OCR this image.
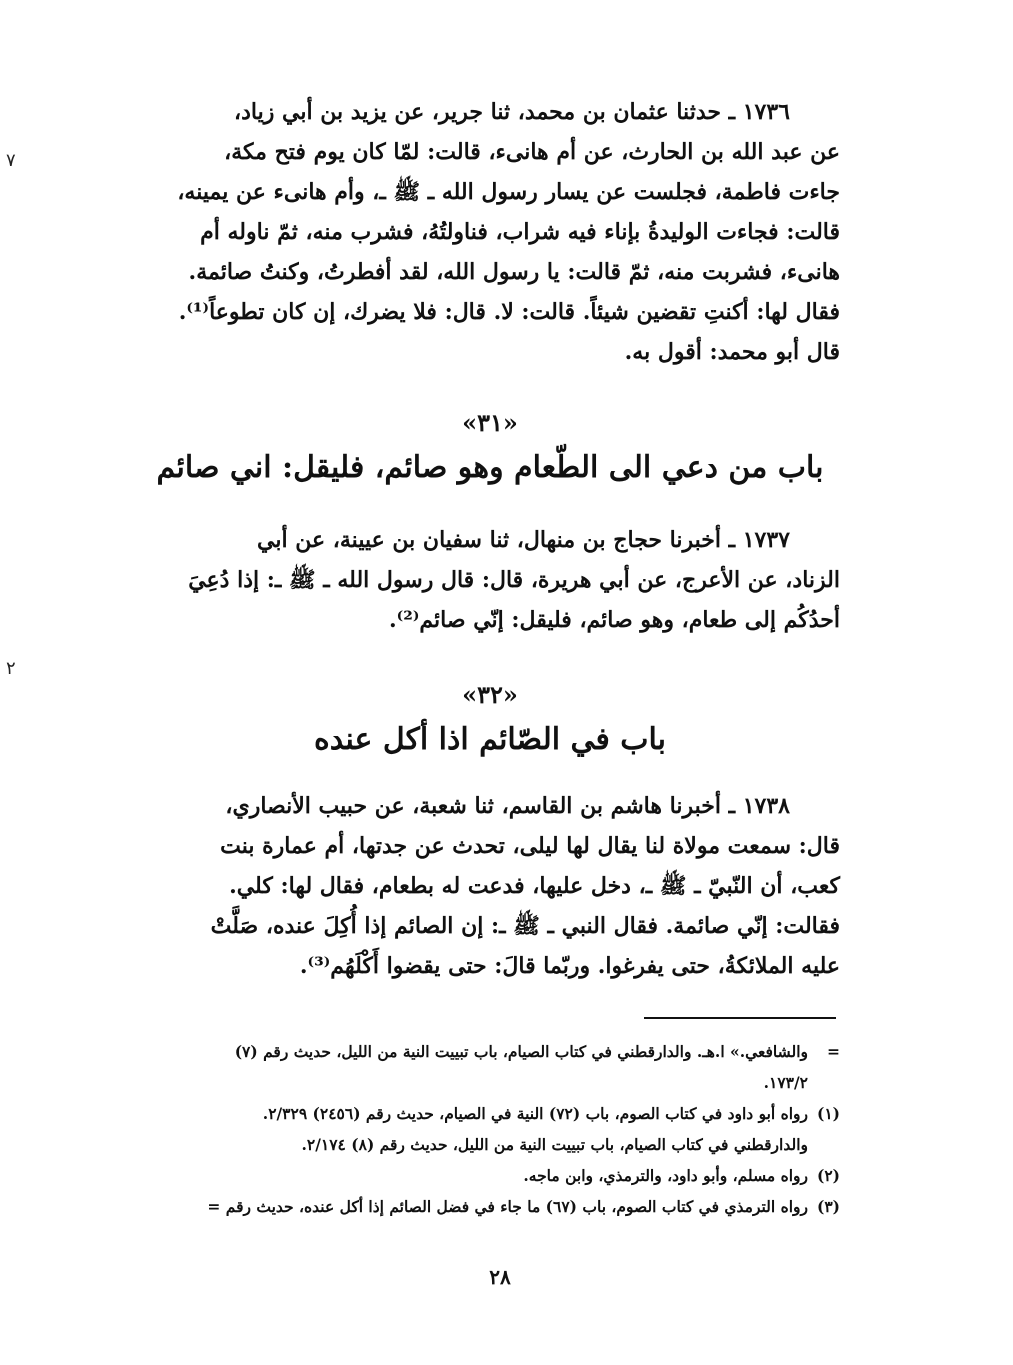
٧
٢

١٧٣٦ ـ حدثنا عثمان بن محمد، ثنا جرير، عن يزيد بن أبي زياد،

عن عبد الله بن الحارث، عن أم هانىء، قالت: لمّا كان يوم فتح مكة،

جاءت فاطمة، فجلست عن يسار رسول الله ـ ﷺ ـ، وأم هانىء عن يمينه،

قالت: فجاءت الوليدةُ بإناء فيه شراب، فناولتُهُ، فشرب منه، ثمّ ناوله أم

هانىء، فشربت منه، ثمّ قالت: يا رسول الله، لقد أفطرتُ، وكنتُ صائمة.

فقال لها: أكنتِ تقضين شيئاً. قالت: لا. قال: فلا يضرك، إن كان تطوعاً⁽¹⁾.

قال أبو محمد: أقول به.

«٣١»
باب من دعي الى الطّعام وهو صائم، فليقل: اني صائم

١٧٣٧ ـ أخبرنا حجاج بن منهال، ثنا سفيان بن عيينة، عن أبي

الزناد، عن الأعرج، عن أبي هريرة، قال: قال رسول الله ـ ﷺ ـ: إذا دُعِيَ

أحدُكُم إلى طعام، وهو صائم، فليقل: إنّي صائم⁽²⁾.

«٣٢»
باب في الصّائم اذا أكل عنده

١٧٣٨ ـ أخبرنا هاشم بن القاسم، ثنا شعبة، عن حبيب الأنصاري،

قال: سمعت مولاة لنا يقال لها ليلى، تحدث عن جدتها، أم عمارة بنت

كعب، أن النّبيّ ـ ﷺ ـ، دخل عليها، فدعت له بطعام، فقال لها: كلي.

فقالت: إنّي صائمة. فقال النبي ـ ﷺ ـ: إن الصائم إذا أُكِلَ عنده، صَلَّتْ

عليه الملائكةُ، حتى يفرغوا. وربّما قالَ: حتى يقضوا أَكْلَهُم⁽³⁾.

=
والشافعي.» ا.هـ. والدارقطني في كتاب الصيام، باب تبييت النية من الليل، حديث رقم (٧)
١٧٣/٢.
(١)
رواه أبو داود في كتاب الصوم، باب (٧٢) النية في الصيام، حديث رقم (٢٤٥٦) ٢/٣٢٩.
والدارقطني في كتاب الصيام، باب تبييت النية من الليل، حديث رقم (٨) ٢/١٧٤.
(٢)
رواه مسلم، وأبو داود، والترمذي، وابن ماجه.
(٣)
رواه الترمذي في كتاب الصوم، باب (٦٧) ما جاء في فضل الصائم إذا أكل عنده، حديث رقم =
٢٨
